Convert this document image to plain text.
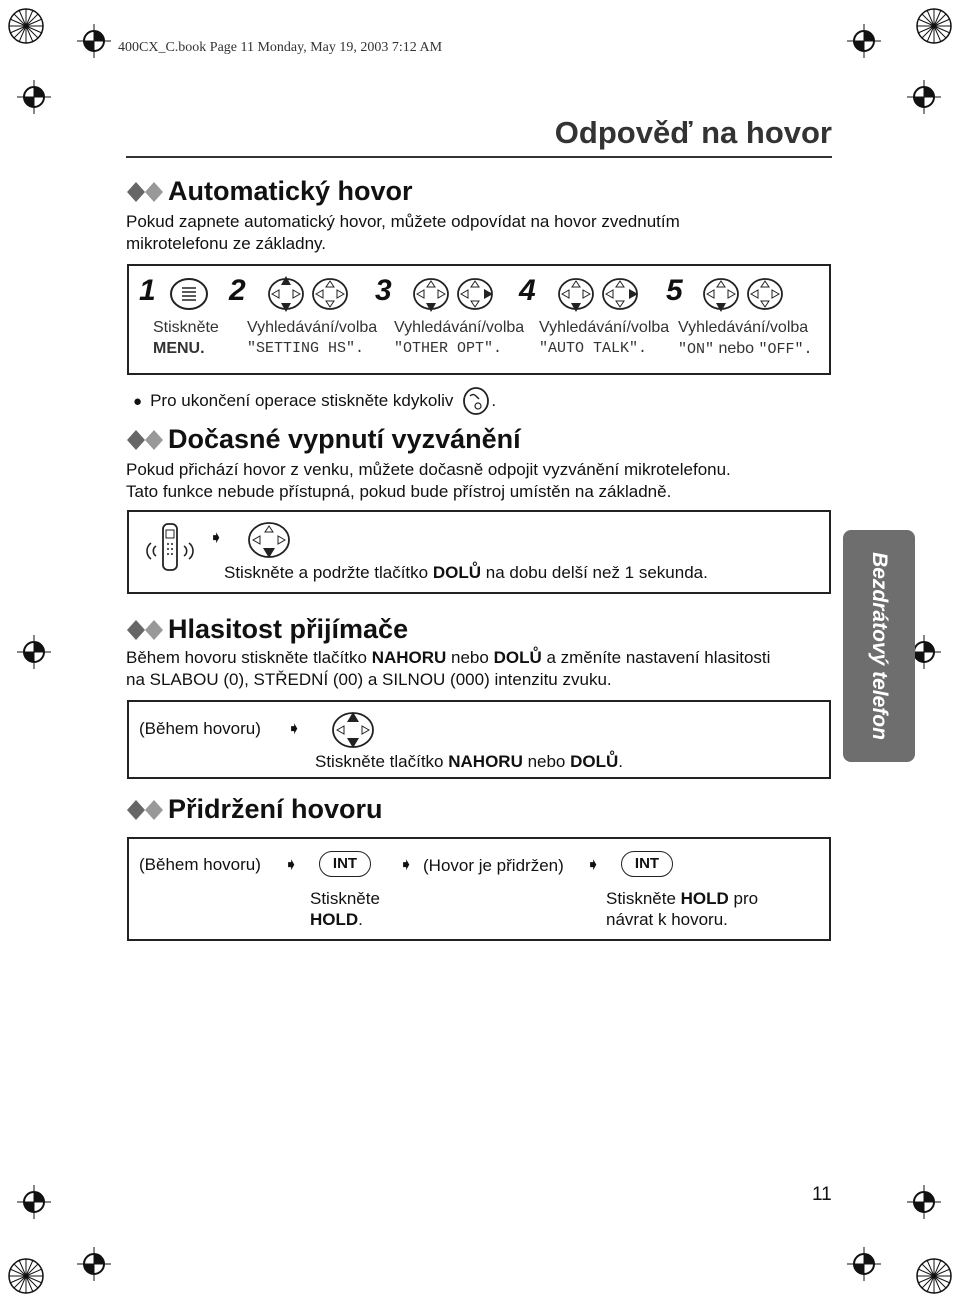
400CX_C.book Page 11 Monday, May 19, 2003 7:12 AM
Odpověď na hovor
Automatický hovor
Pokud zapnete automatický hovor, můžete odpovídat na hovor zvednutím
mikrotelefonu ze základny.
1
Stiskněte
MENU.
2
Vyhledávání/volba
"SETTING HS".
3
Vyhledávání/volba
"OTHER OPT".
4
Vyhledávání/volba
"AUTO TALK".
5
Vyhledávání/volba
"ON" nebo "OFF".
● Pro ukončení operace stiskněte kdykoliv .
Dočasné vypnutí vyzvánění
Pokud přichází hovor z venku, můžete dočasně odpojit vyzvánění mikrotelefonu.
Tato funkce nebude přístupná, pokud bude přístroj umístěn na základně.
➧
Stiskněte a podržte tlačítko DOLŮ na dobu delší než 1 sekunda.
Hlasitost přijímače
Během hovoru stiskněte tlačítko NAHORU nebo DOLŮ a změníte nastavení hlasitosti
na SLABOU (0), STŘEDNÍ (00) a SILNOU (000) intenzitu zvuku.
(Během hovoru) ➧
Stiskněte tlačítko NAHORU nebo DOLŮ.
Přidržení hovoru
(Během hovoru) ➧	INT	➧ (Hovor je přidržen) ➧	INT
Stiskněte
HOLD.
Stiskněte HOLD pro
návrat k hovoru.
Bezdrátový telefon
11
